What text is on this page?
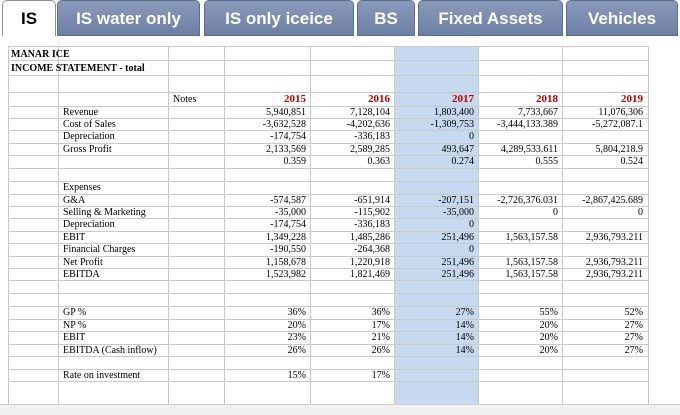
IS	IS water only	IS only iceice	BS	Fixed Assets	Vehicles
MANAR ICE
INCOME STATEMENT - total
Notes	2015	2016	2017	2018	2019
Revenue	5,940,851	7,128,104	1,803,400	7,733,667	11,076,306
Cost of Sales	-3,632,528	-4,202,636	-1,309,753	-3,444,133.389	-5,272,087.1
Depreciation	-174,754	-336,183	0
Gross Profit	2,133,569	2,589,285	493,647	4,289,533.611	5,804,218.9
0.359	0.363	0.274	0.555	0.524
Expenses
G&A	-574,587	-651,914	-207,151	-2,726,376.031	-2,867,425.689
Selling & Marketing	-35,000	-115,902	-35,000	0	0
Depreciation	-174,754	-336,183	0
EBIT	1,349,228	1,485,286	251,496	1,563,157.58	2,936,793.211
Financial Charges	-190,550	-264,368	0
Net Profit	1,158,678	1,220,918	251,496	1,563,157.58	2,936,793.211
EBITDA	1,523,982	1,821,469	251,496	1,563,157.58	2,936,793.211
GP %	36%	36%	27%	55%	52%
NP %	20%	17%	14%	20%	27%
EBIT	23%	21%	14%	20%	27%
EBITDA (Cash inflow)	26%	26%	14%	20%	27%
Rate on investment	15%	17%
